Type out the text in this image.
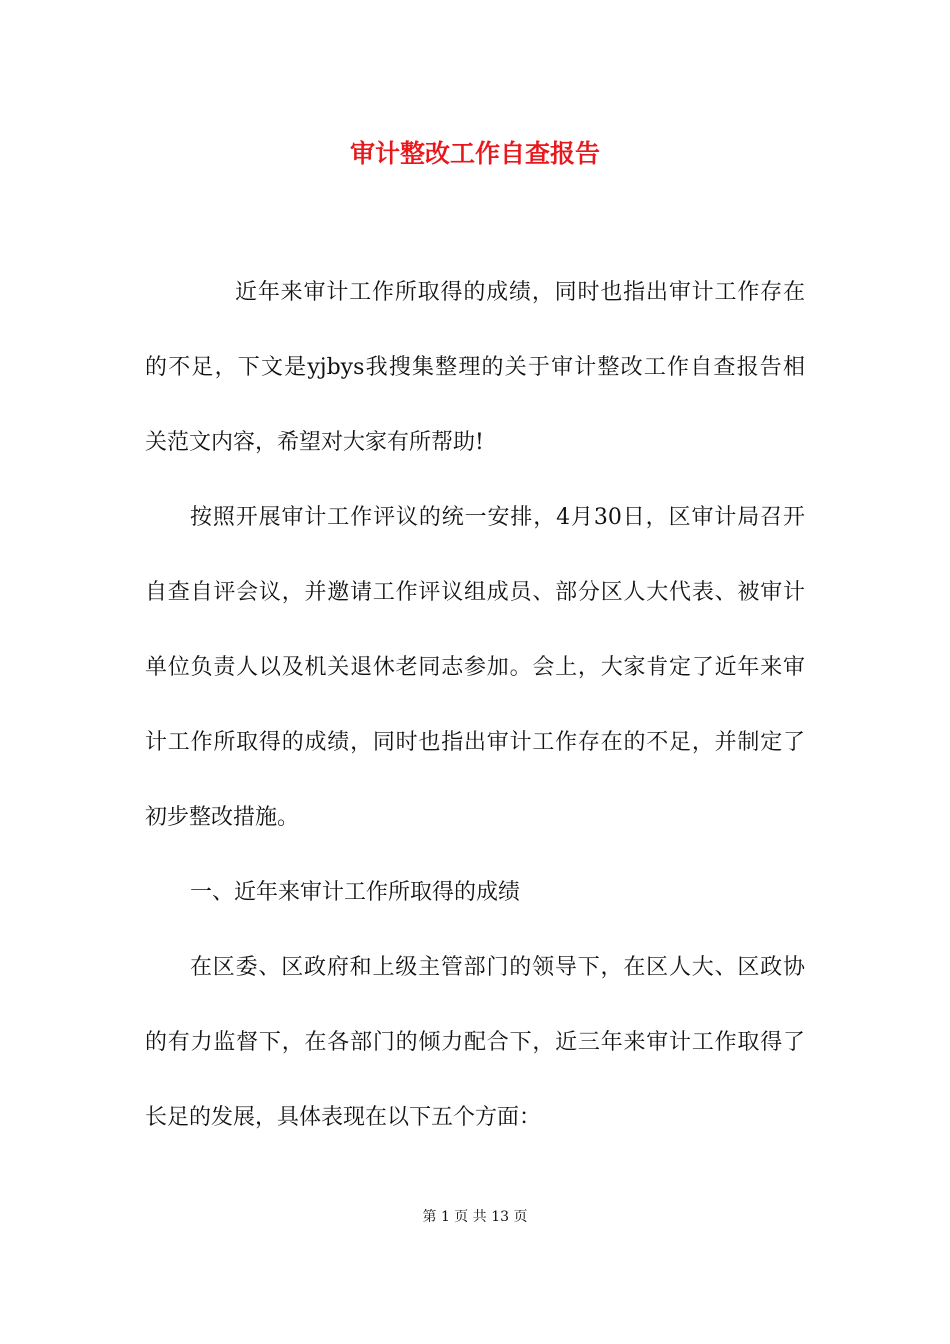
审计整改工作自查报告

近年来审计工作所取得的成绩，同时也指出审计工作存在

的不足，下文是yjbys我搜集整理的关于审计整改工作自查报告相

关范文内容，希望对大家有所帮助!

按照开展审计工作评议的统一安排，4月30日，区审计局召开

自查自评会议，并邀请工作评议组成员、部分区人大代表、被审计

单位负责人以及机关退休老同志参加。会上，大家肯定了近年来审

计工作所取得的成绩，同时也指出审计工作存在的不足，并制定了

初步整改措施。

一、近年来审计工作所取得的成绩

在区委、区政府和上级主管部门的领导下，在区人大、区政协

的有力监督下，在各部门的倾力配合下，近三年来审计工作取得了

长足的发展，具体表现在以下五个方面：

第 1 页 共 13 页
